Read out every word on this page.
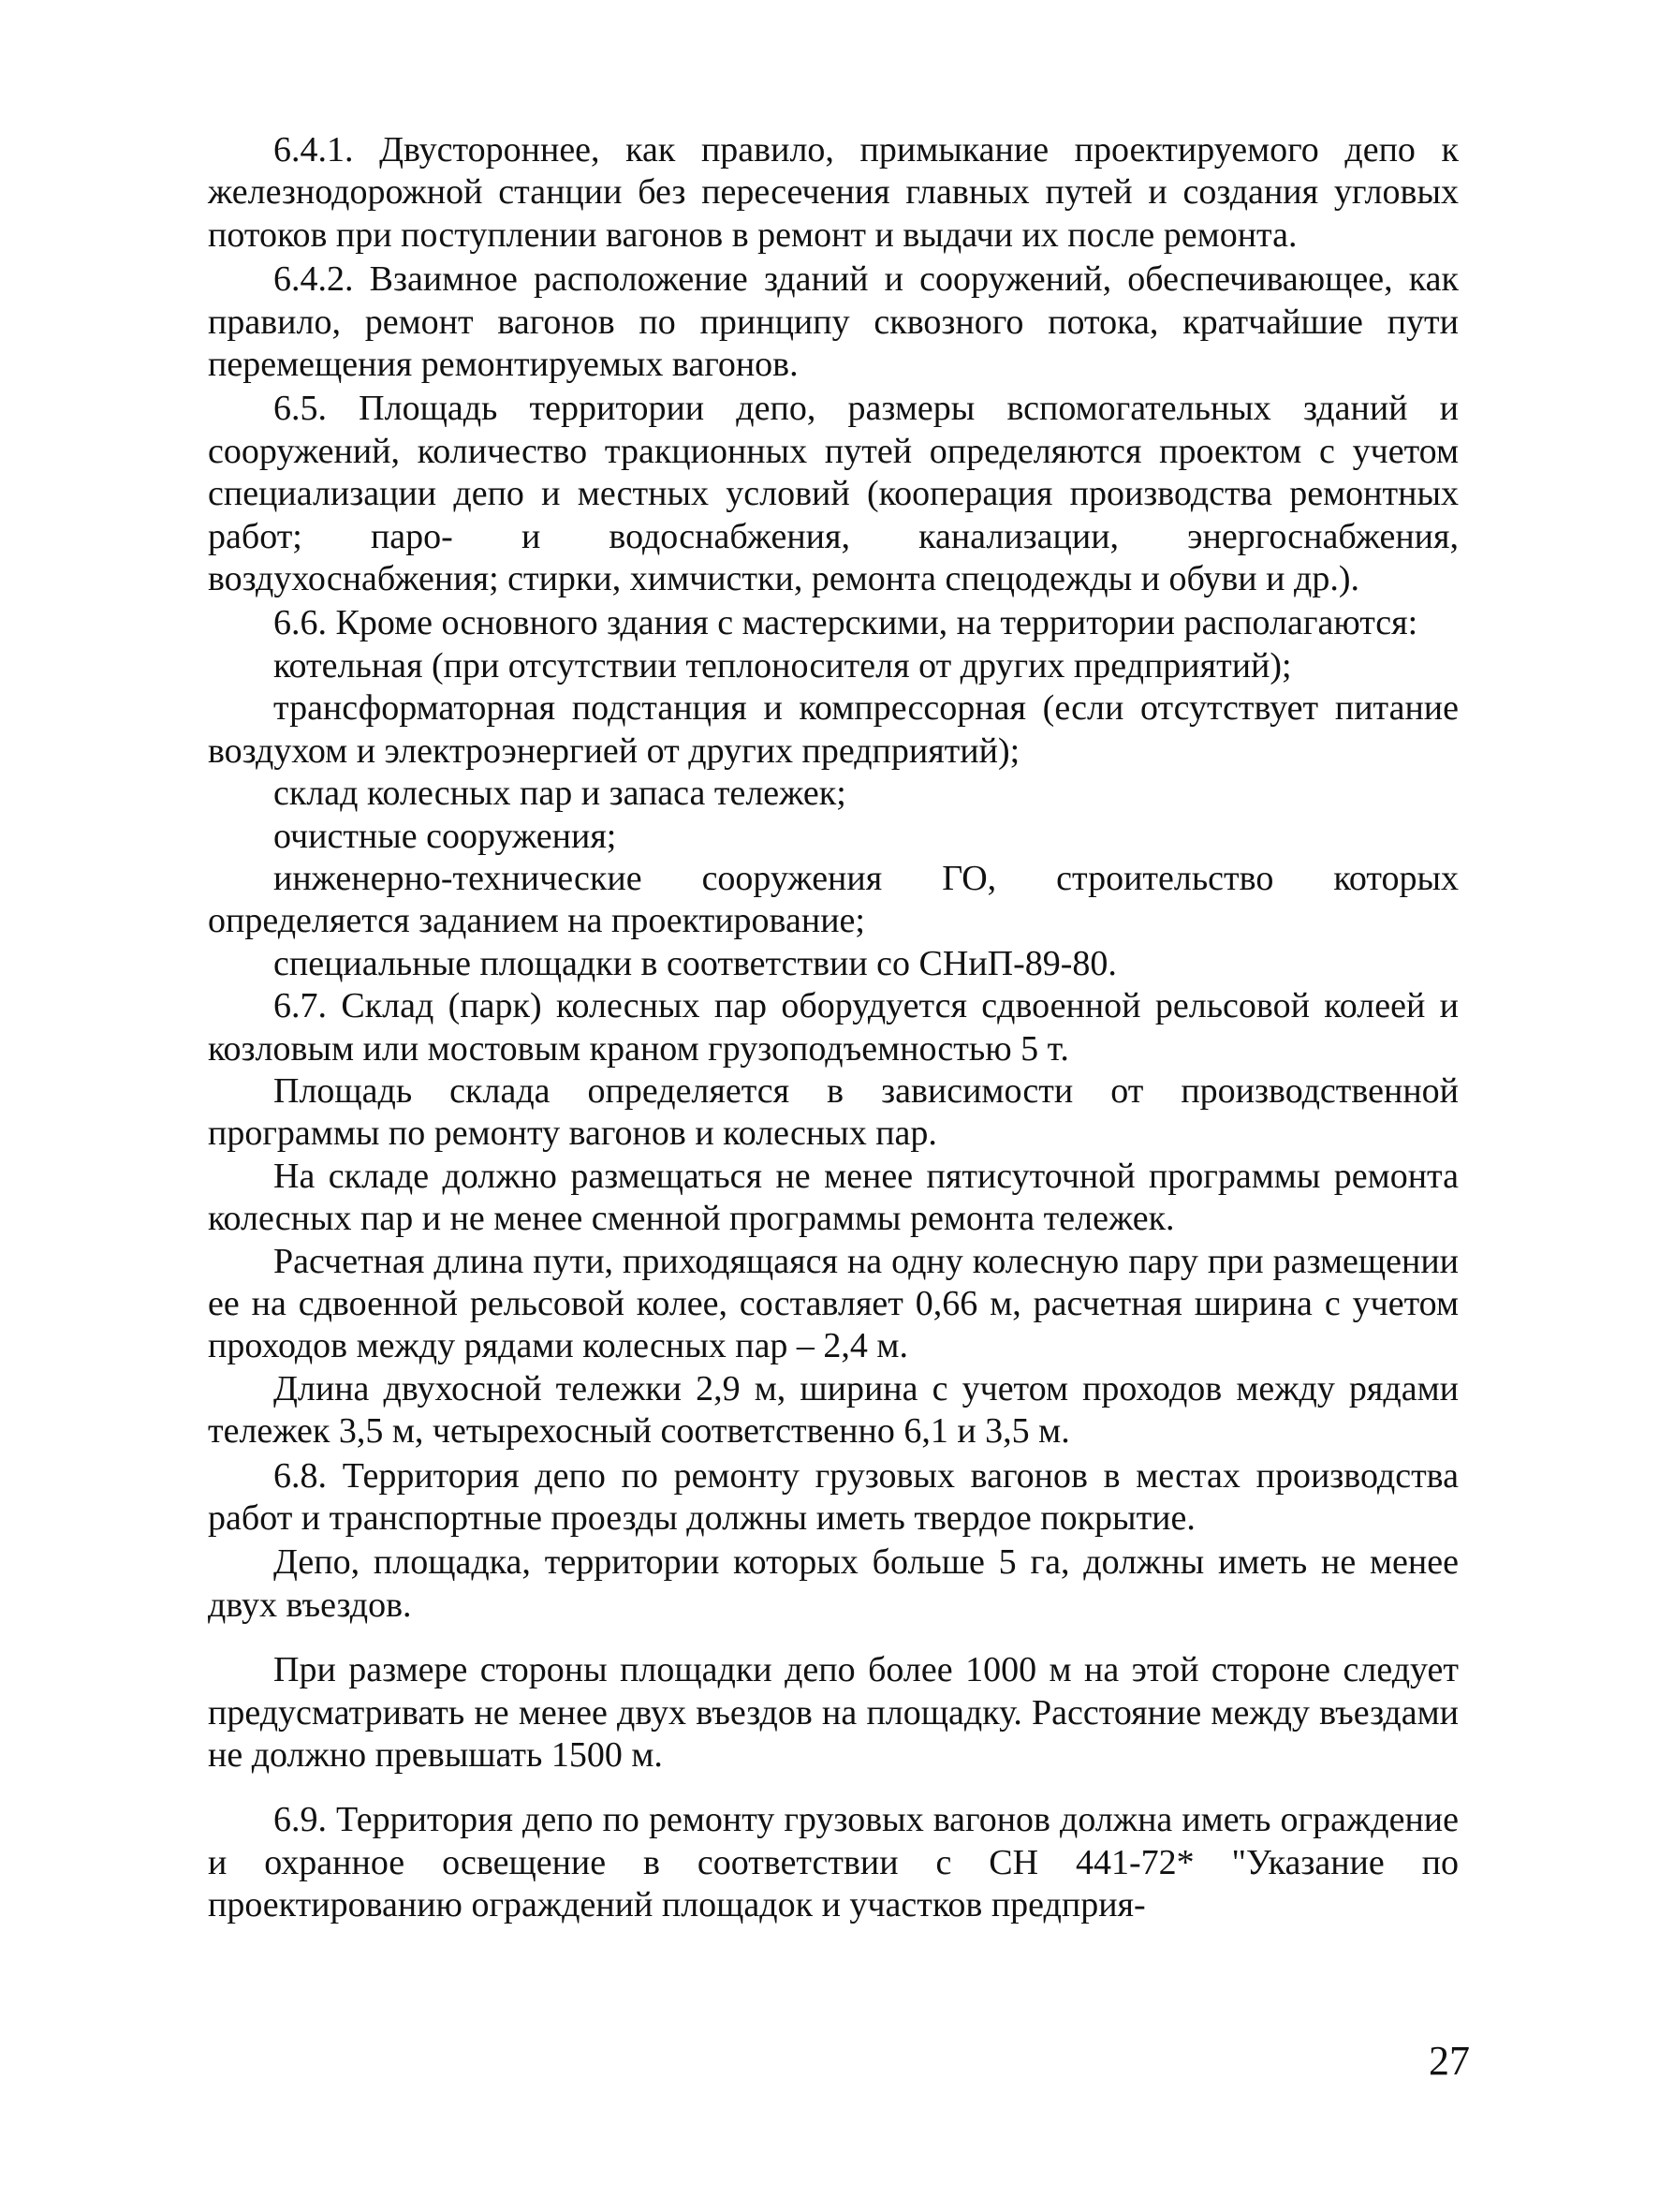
6.4.1. Двустороннее, как правило, примыкание проектируемого депо к железнодорожной станции без пересечения главных путей и создания угловых потоков при поступлении вагонов в ремонт и выдачи их после ремонта.

6.4.2. Взаимное расположение зданий и сооружений, обеспечивающее, как правило, ремонт вагонов по принципу сквозного потока, кратчайшие пути перемещения ремонтируемых вагонов.

6.5. Площадь территории депо, размеры вспомогательных зданий и сооружений, количество тракционных путей определяются проектом с учетом специализации депо и местных условий (кооперация производства ремонтных работ; паро- и водоснабжения, канализации, энергоснабжения, воздухоснабжения; стирки, химчистки, ремонта спецодежды и обуви и др.).

6.6. Кроме основного здания с мастерскими, на территории располагаются:

котельная (при отсутствии теплоносителя от других предприятий);

трансформаторная подстанция и компрессорная (если отсутствует питание воздухом и электроэнергией от других предприятий);

склад колесных пар и запаса тележек;

очистные сооружения;

инженерно-технические сооружения ГО, строительство которых определяется заданием на проектирование;

специальные площадки в соответствии со СНиП-89-80.

6.7. Склад (парк) колесных пар оборудуется сдвоенной рельсовой колеей и козловым или мостовым краном грузоподъемностью 5 т.

Площадь склада определяется в зависимости от производственной программы по ремонту вагонов и колесных пар.

На складе должно размещаться не менее пятисуточной программы ремонта колесных пар и не менее сменной программы ремонта тележек.

Расчетная длина пути, приходящаяся на одну колесную пару при размещении ее на сдвоенной рельсовой колее, составляет 0,66 м, расчетная ширина с учетом проходов между рядами колесных пар – 2,4 м.

Длина двухосной тележки 2,9 м, ширина с учетом проходов между рядами тележек 3,5 м, четырехосный соответственно 6,1 и 3,5 м.

6.8. Территория депо по ремонту грузовых вагонов в местах производства работ и транспортные проезды должны иметь твердое покрытие.

Депо, площадка, территории которых больше 5 га, должны иметь не менее двух въездов.

При размере стороны площадки депо более 1000 м на этой стороне следует предусматривать не менее двух въездов на площадку. Расстояние между въездами не должно превышать 1500 м.

6.9. Территория депо по ремонту грузовых вагонов должна иметь ограждение и охранное освещение в соответствии с СН 441-72* "Указание по проектированию ограждений площадок и участков предприя-

27
